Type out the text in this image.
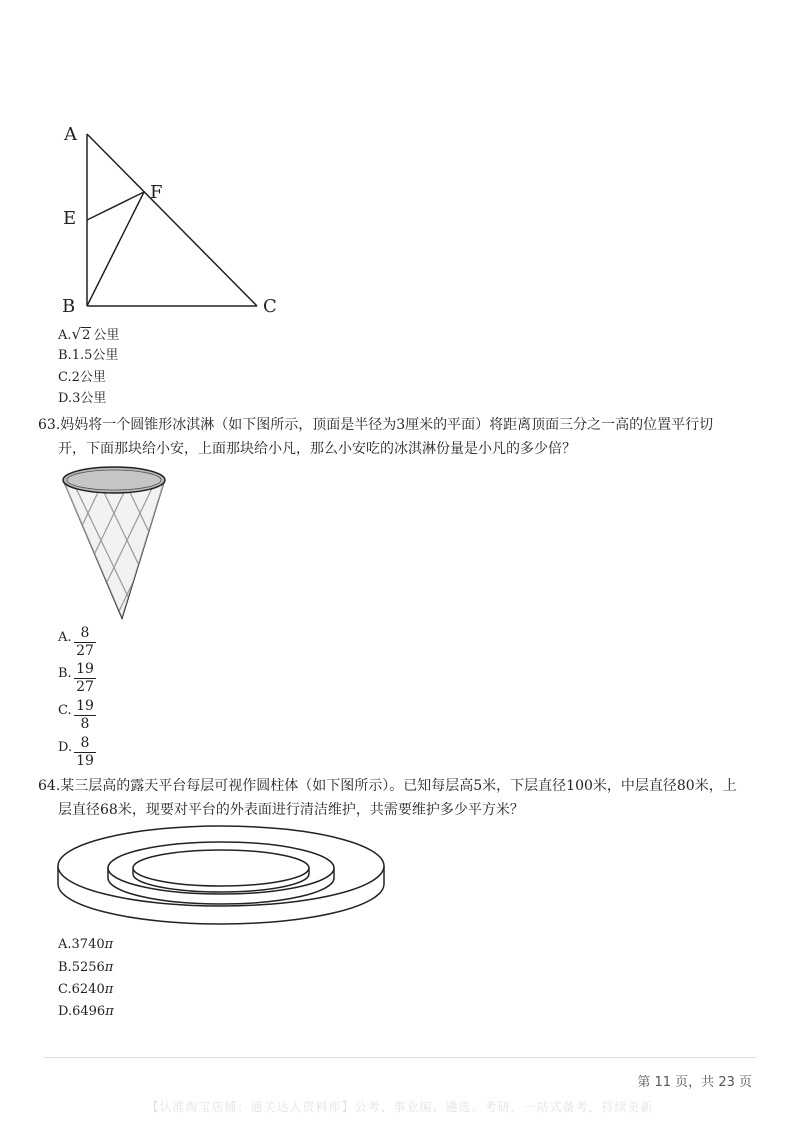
A
E
F
B	C
A.√2 公里
B.1.5公里
C.2公里
D.3公里
63.妈妈将一个圆锥形冰淇淋（如下图所示，顶面是半径为3厘米的平面）将距离顶面三分之一高的位置平行切
开，下面那块给小安，上面那块给小凡，那么小安吃的冰淇淋份量是小凡的多少倍？
A. 8
27
B. 19
27
C. 19
8
D. 8
19
64.某三层高的露天平台每层可视作圆柱体（如下图所示）。已知每层高5米，下层直径100米，中层直径80米，上
层直径68米，现要对平台的外表面进行清洁维护，共需要维护多少平方米？
A.3740π
B.5256π
C.6240π
D.6496π
第 11 页，共 23 页
【认准淘宝店铺：通关达人资料库】公考、事业编、遴选、考研，一站式备考，持续更新
